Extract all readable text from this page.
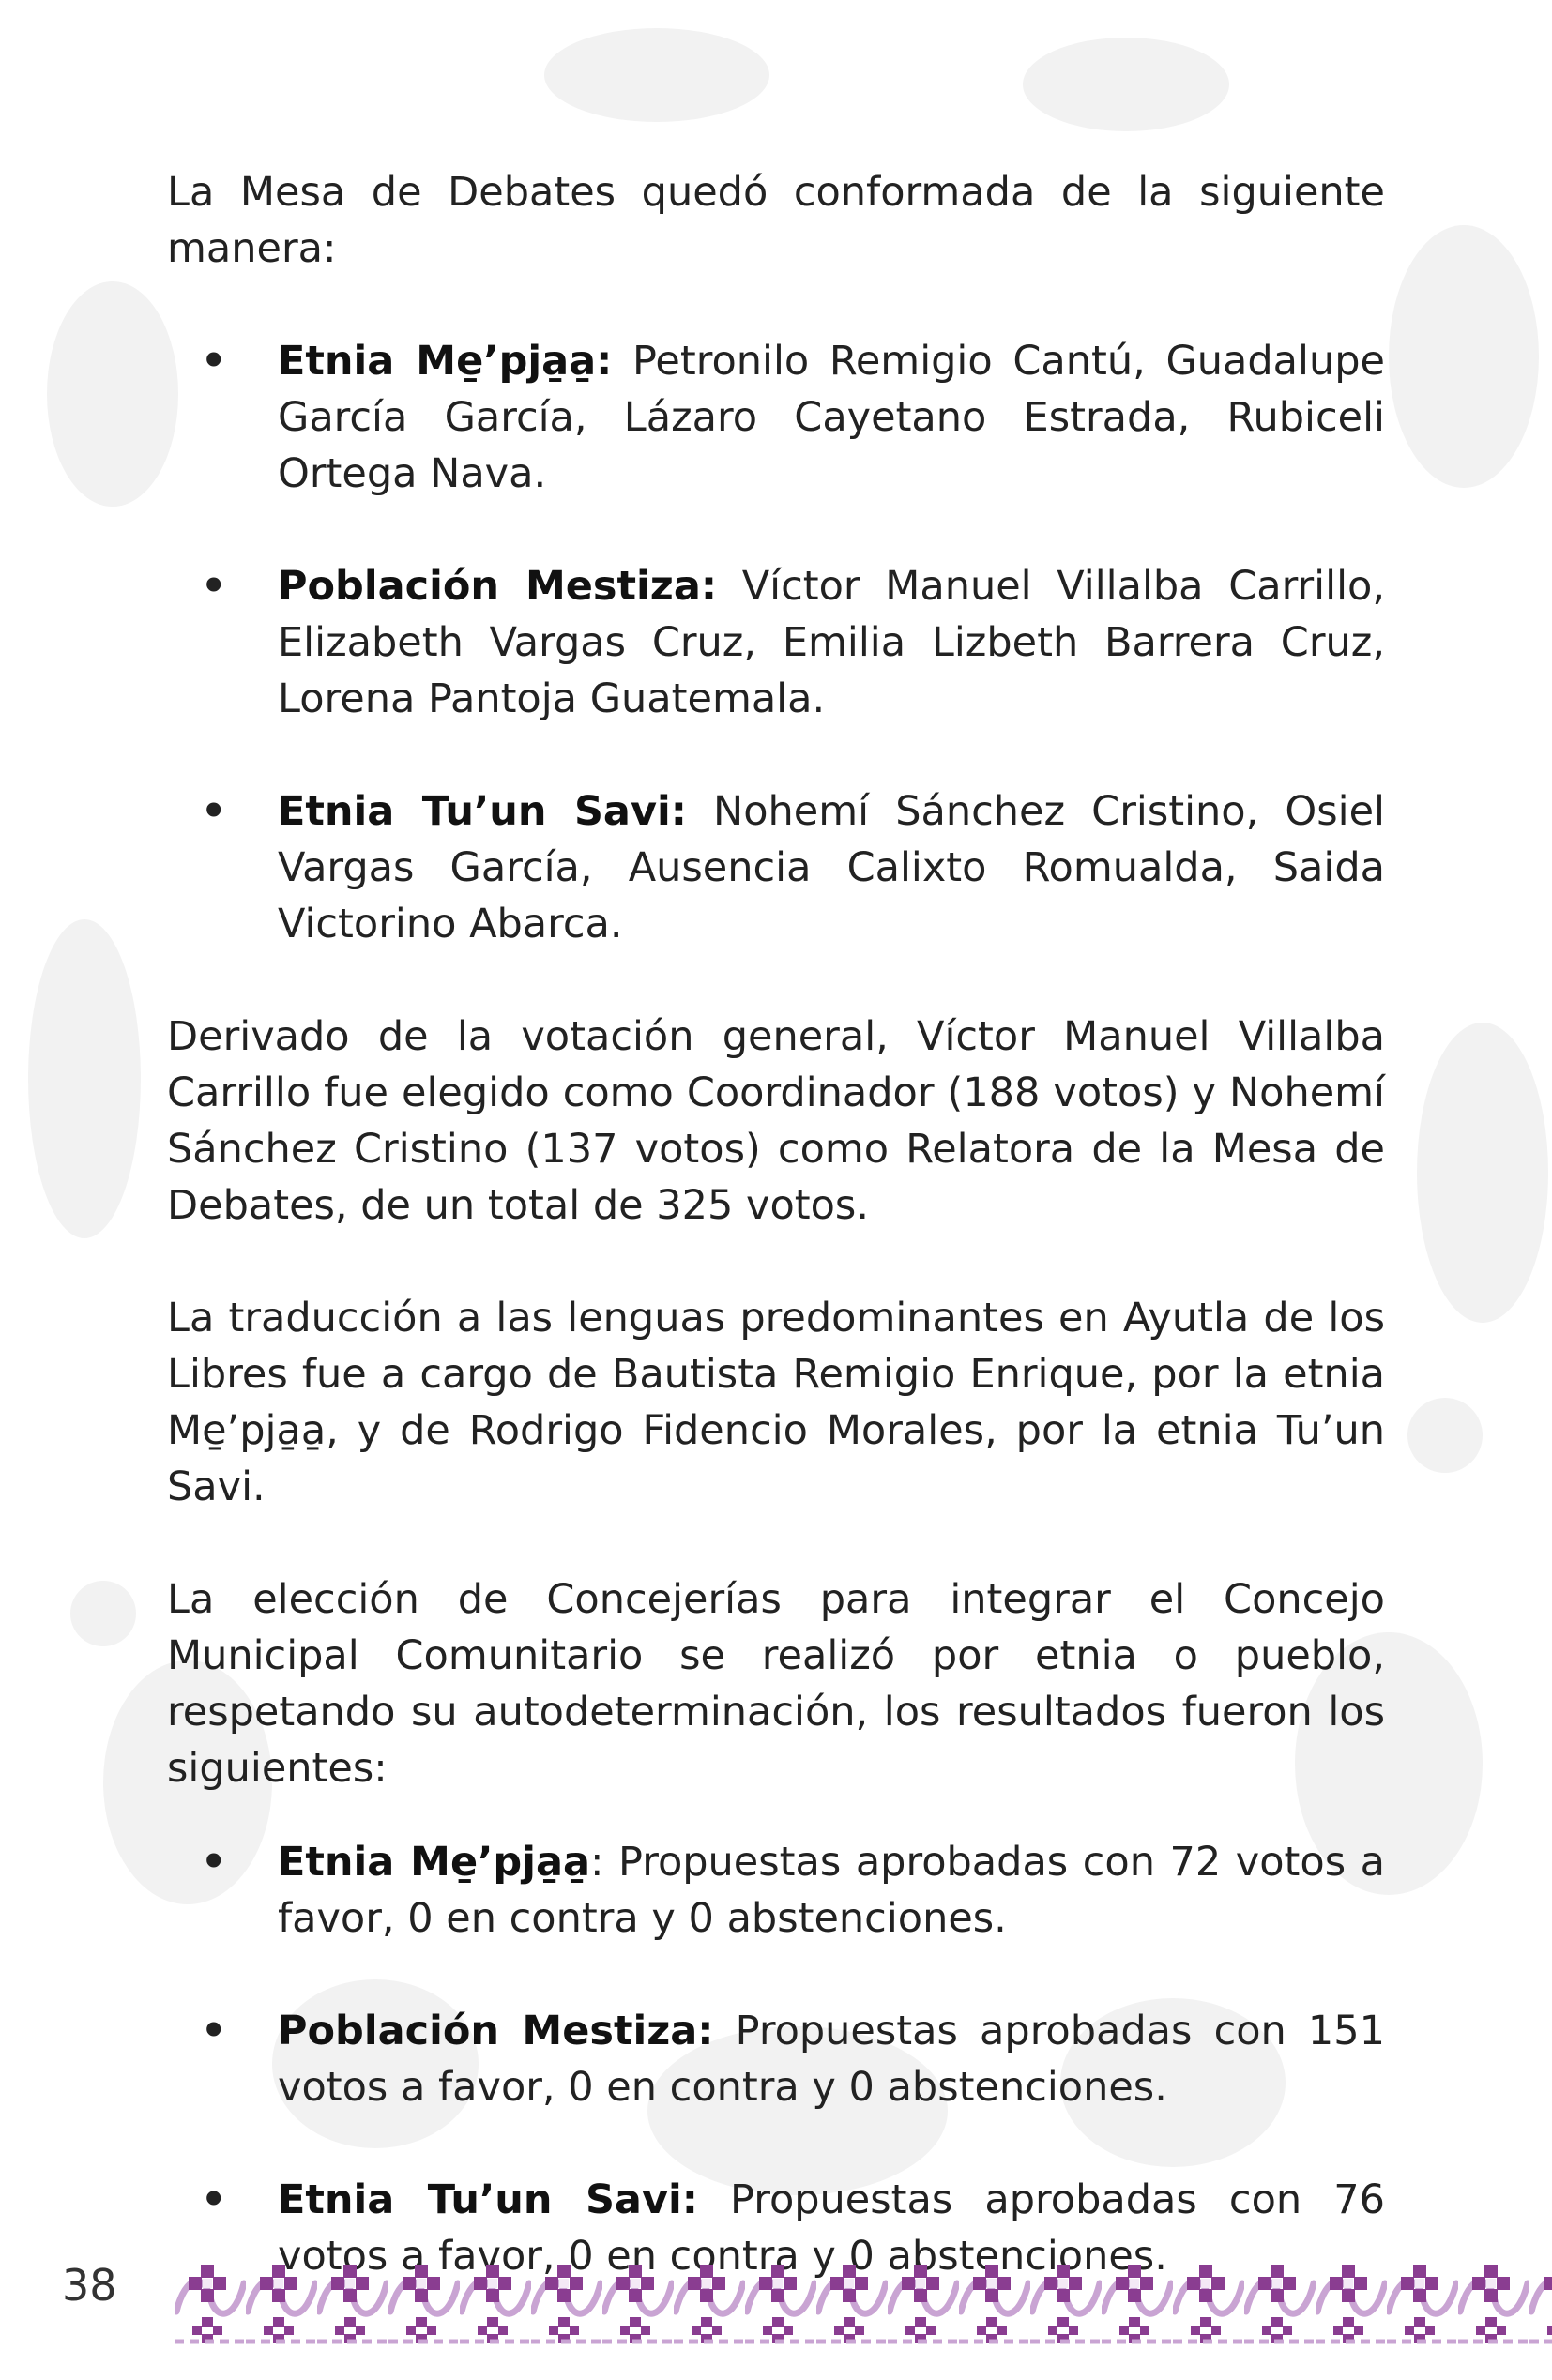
La Mesa de Debates quedó conformada de la siguiente manera:

• Etnia Me̱’pja̱a̱: Petronilo Remigio Cantú, Guadalupe García García, Lázaro Cayetano Estrada, Rubiceli Ortega Nava.
• Población Mestiza: Víctor Manuel Villalba Carrillo, Elizabeth Vargas Cruz, Emilia Lizbeth Barrera Cruz, Lorena Pantoja Guatemala.
• Etnia Tu’un Savi: Nohemí Sánchez Cristino, Osiel Vargas García, Ausencia Calixto Romualda, Saida Victorino Abarca.

Derivado de la votación general, Víctor Manuel Villalba Carrillo fue elegido como Coordinador (188 votos) y Nohemí Sánchez Cristino (137 votos) como Relatora de la Mesa de Debates, de un total de 325 votos.

La traducción a las lenguas predominantes en Ayutla de los Libres fue a cargo de Bautista Remigio Enrique, por la etnia Me̱’pja̱a̱, y de Rodrigo Fidencio Morales, por la etnia Tu’un Savi.

La elección de Concejerías para integrar el Concejo Municipal Comunitario se realizó por etnia o pueblo, respetando su autodeterminación, los resultados fueron los siguientes:

• Etnia Me̱’pja̱a̱: Propuestas aprobadas con 72 votos a favor, 0 en contra y 0 abstenciones.
• Población Mestiza: Propuestas aprobadas con 151 votos a favor, 0 en contra y 0 abstenciones.
• Etnia Tu’un Savi: Propuestas aprobadas con 76
38
